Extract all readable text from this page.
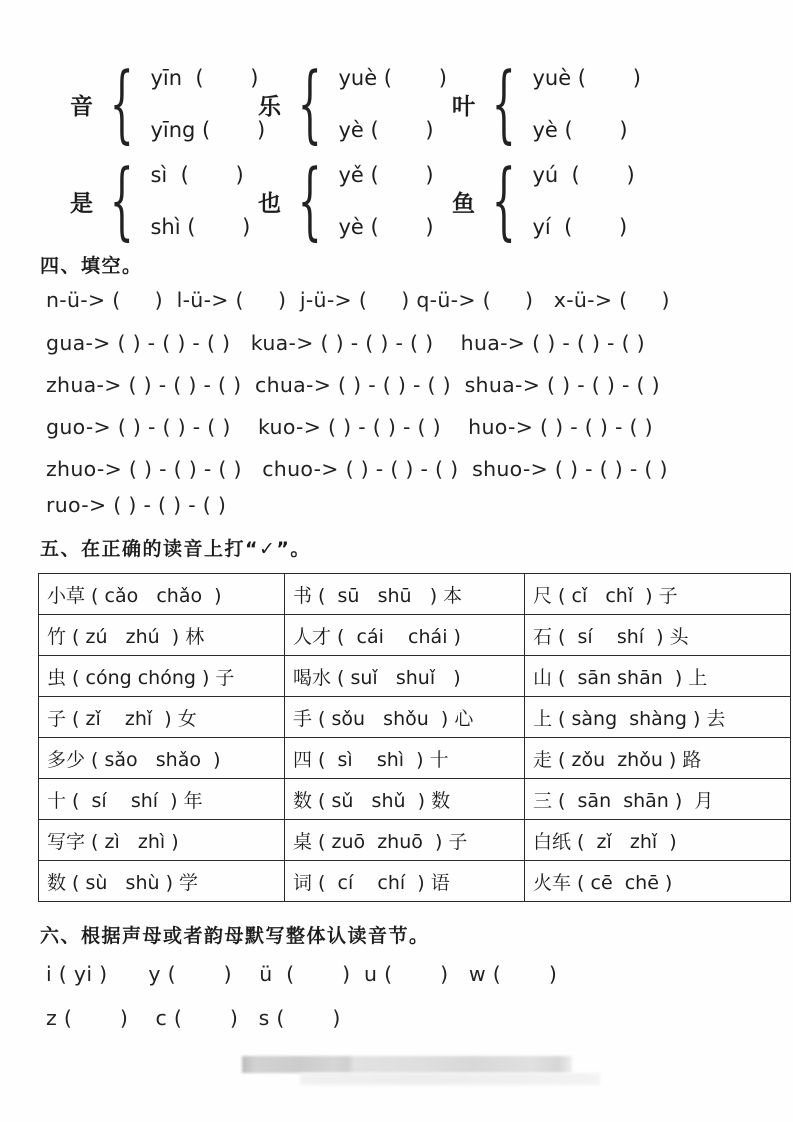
音 { yīn  (       )
yīng (       )
乐 { yuè (       )
yè (       )
叶 { yuè (       )
yè (       )
是 { sì  (       )
shì (       )
也 { yě (       )
yè (       )
鱼 { yú  (       )
yí  (       )
四、填空。
n-ü-> (     )  l-ü-> (     )  j-ü-> (     ) q-ü-> (     )   x-ü-> (     )
gua-> ( ) - ( ) - ( )   kua-> ( ) - ( ) - ( )    hua-> ( ) - ( ) - ( )
zhua-> ( ) - ( ) - ( )  chua-> ( ) - ( ) - ( )  shua-> ( ) - ( ) - ( )
guo-> ( ) - ( ) - ( )    kuo-> ( ) - ( ) - ( )    huo-> ( ) - ( ) - ( )
zhuo-> ( ) - ( ) - ( )   chuo-> ( ) - ( ) - ( )  shuo-> ( ) - ( ) - ( )
ruo-> ( ) - ( ) - ( )
五、在正确的读音上打“✓”。
小草 ( cǎo   chǎo  )	书 (  sū   shū   ) 本	尺 ( cǐ   chǐ  ) 子
竹 ( zú   zhú  ) 林	人才 (  cái    chái )	石 (  sí    shí  ) 头
虫 ( cóng chóng ) 子	喝水 ( suǐ   shuǐ   )	山 (  sān shān  ) 上
子 ( zǐ    zhǐ  ) 女	手 ( sǒu   shǒu  ) 心	上 ( sàng  shàng ) 去
多少 ( sǎo   shǎo  )	四 (  sì    shì  ) 十	走 ( zǒu  zhǒu ) 路
十 (  sí    shí  ) 年	数 ( sǔ   shǔ  ) 数	三 (  sān  shān )  月
写字 ( zì   zhì )	桌 ( zuō  zhuō  ) 子	白纸 (  zǐ   zhǐ  )
数 ( sù   shù ) 学	词 (  cí    chí  ) 语	火车 ( cē  chē )
六、根据声母或者韵母默写整体认读音节。
i ( yi )      y (       )    ü  (       )  u (       )   w (       )
z (       )    c (       )   s (       )
